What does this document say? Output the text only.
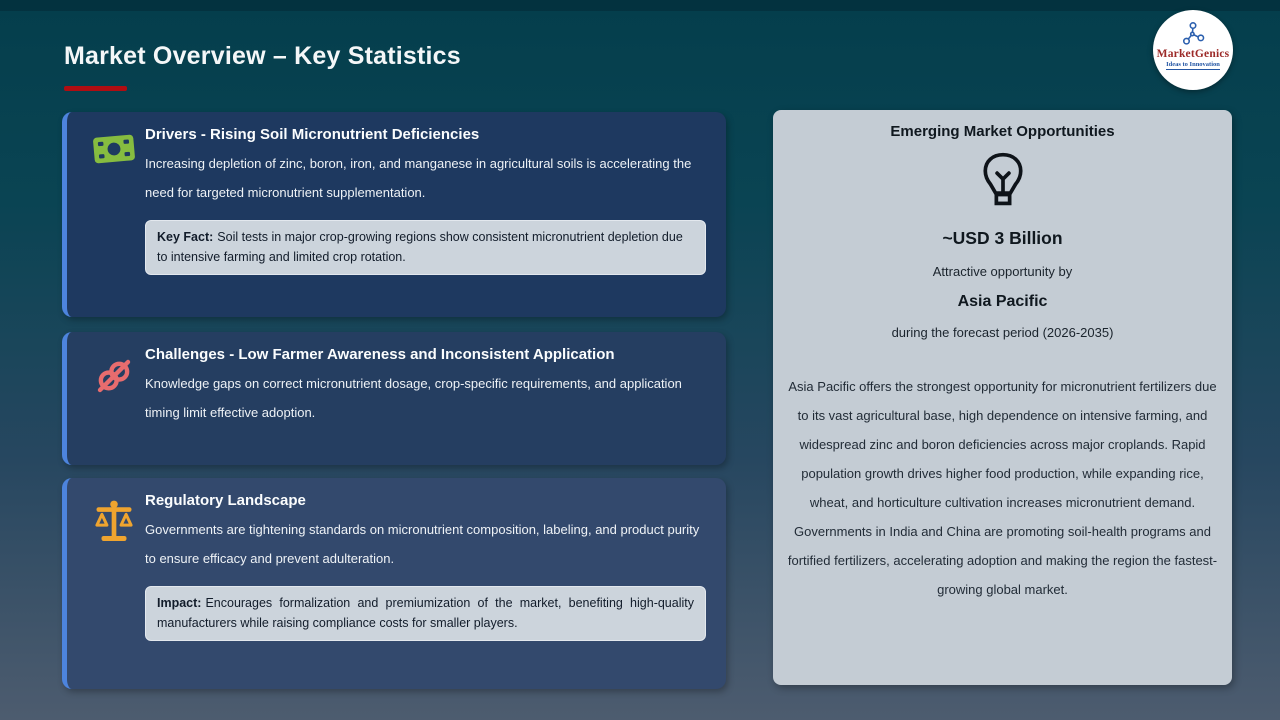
Market Overview – Key Statistics	MarketGenics
Ideas to Innovation
Drivers - Rising Soil Micronutrient Deficiencies

Increasing depletion of zinc, boron, iron, and manganese in agricultural soils is accelerating the need for targeted micronutrient supplementation.

Key Fact: Soil tests in major crop-growing regions show consistent micronutrient depletion due to intensive farming and limited crop rotation.
Challenges - Low Farmer Awareness and Inconsistent Application

Knowledge gaps on correct micronutrient dosage, crop-specific requirements, and application timing limit effective adoption.

Regulatory Landscape

Governments are tightening standards on micronutrient composition, labeling, and product purity to ensure efficacy and prevent adulteration.

Impact: Encourages formalization and premiumization of the market, benefiting high-quality manufacturers while raising compliance costs for smaller players.
Emerging Market Opportunities
~USD 3 Billion
Attractive opportunity by
Asia Pacific
during the forecast period (2026-2035)

Asia Pacific offers the strongest opportunity for micronutrient fertilizers due to its vast agricultural base, high dependence on intensive farming, and widespread zinc and boron deficiencies across major croplands. Rapid population growth drives higher food production, while expanding rice, wheat, and horticulture cultivation increases micronutrient demand. Governments in India and China are promoting soil-health programs and fortified fertilizers, accelerating adoption and making the region the fastest-growing global market.
